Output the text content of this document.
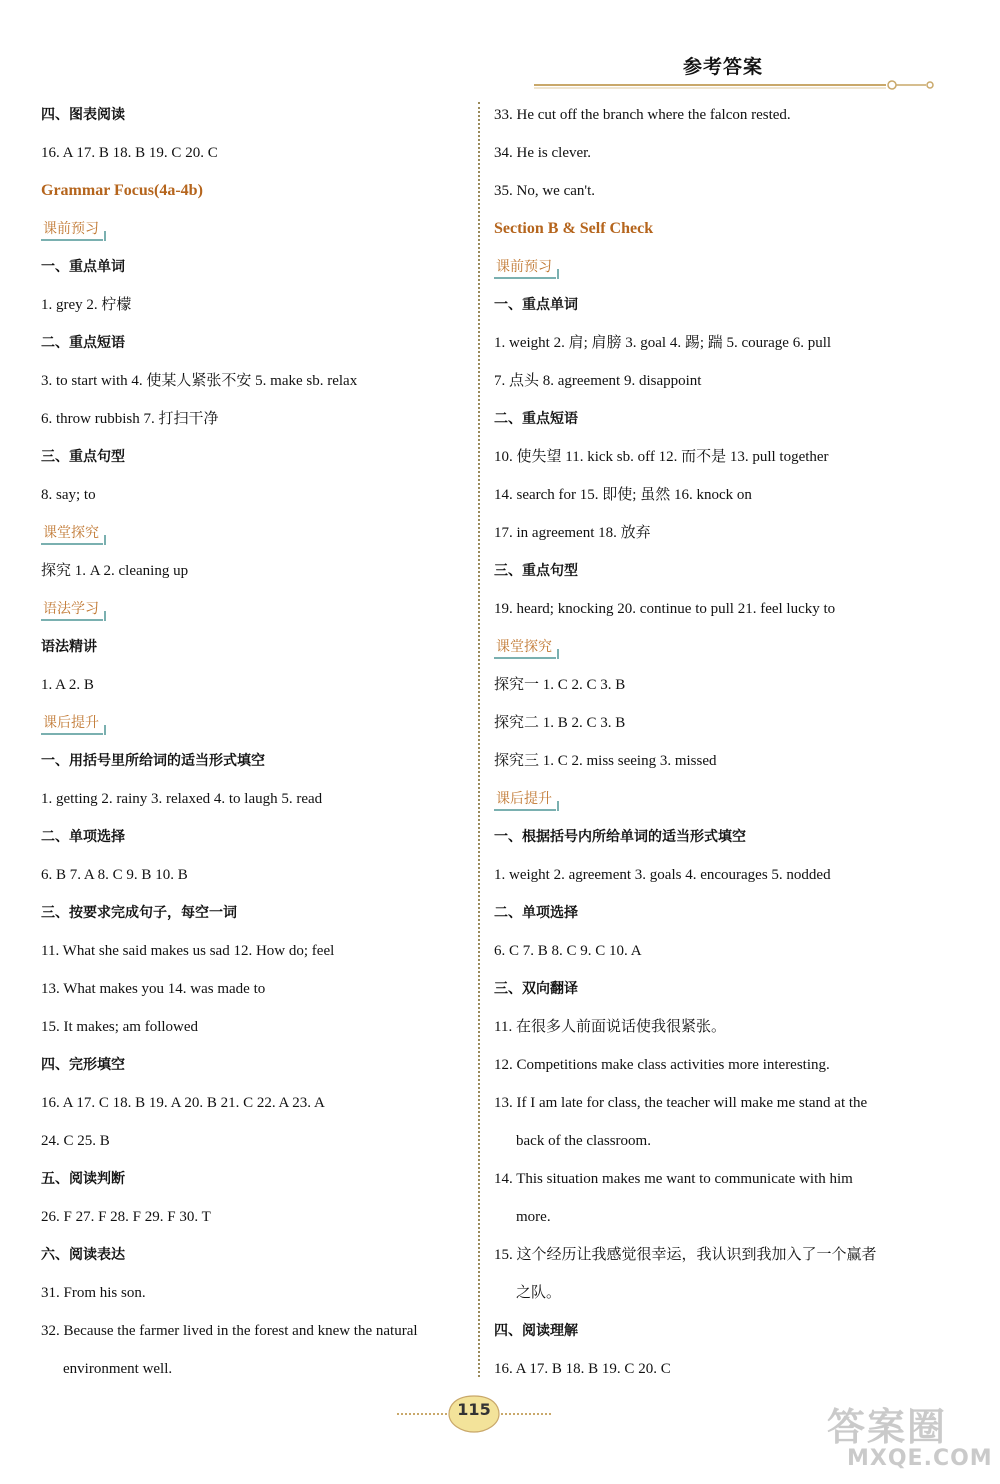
参考答案
四、图表阅读
16. A 17. B 18. B 19. C 20. C
Grammar Focus(4a-4b)
课前预习
一、重点单词
1. grey 2. 柠檬
二、重点短语
3. to start with 4. 使某人紧张不安 5. make sb. relax
6. throw rubbish 7. 打扫干净
三、重点句型
8. say; to
课堂探究
探究 1. A 2. cleaning up
语法学习
语法精讲
1. A 2. B
课后提升
一、用括号里所给词的适当形式填空
1. getting 2. rainy 3. relaxed 4. to laugh 5. read
二、单项选择
6. B 7. A 8. C 9. B 10. B
三、按要求完成句子，每空一词
11. What she said makes us sad 12. How do; feel
13. What makes you 14. was made to
15. It makes; am followed
四、完形填空
16. A 17. C 18. B 19. A 20. B 21. C 22. A 23. A
24. C 25. B
五、阅读判断
26. F 27. F 28. F 29. F 30. T
六、阅读表达
31. From his son.
32. Because the farmer lived in the forest and knew the natural
environment well.
33. He cut off the branch where the falcon rested.
34. He is clever.
35. No, we can't.
Section B & Self Check
课前预习
一、重点单词
1. weight 2. 肩; 肩膀 3. goal 4. 踢; 踹 5. courage 6. pull
7. 点头 8. agreement 9. disappoint
二、重点短语
10. 使失望 11. kick sb. off 12. 而不是 13. pull together
14. search for 15. 即使; 虽然 16. knock on
17. in agreement 18. 放弃
三、重点句型
19. heard; knocking 20. continue to pull 21. feel lucky to
课堂探究
探究一 1. C 2. C 3. B
探究二 1. B 2. C 3. B
探究三 1. C 2. miss seeing 3. missed
课后提升
一、根据括号内所给单词的适当形式填空
1. weight 2. agreement 3. goals 4. encourages 5. nodded
二、单项选择
6. C 7. B 8. C 9. C 10. A
三、双向翻译
11. 在很多人前面说话使我很紧张。
12. Competitions make class activities more interesting.
13. If I am late for class, the teacher will make me stand at the
back of the classroom.
14. This situation makes me want to communicate with him
more.
15. 这个经历让我感觉很幸运，我认识到我加入了一个赢者
之队。
四、阅读理解
16. A 17. B 18. B 19. C 20. C
115	答案圈
MXQE.COM
